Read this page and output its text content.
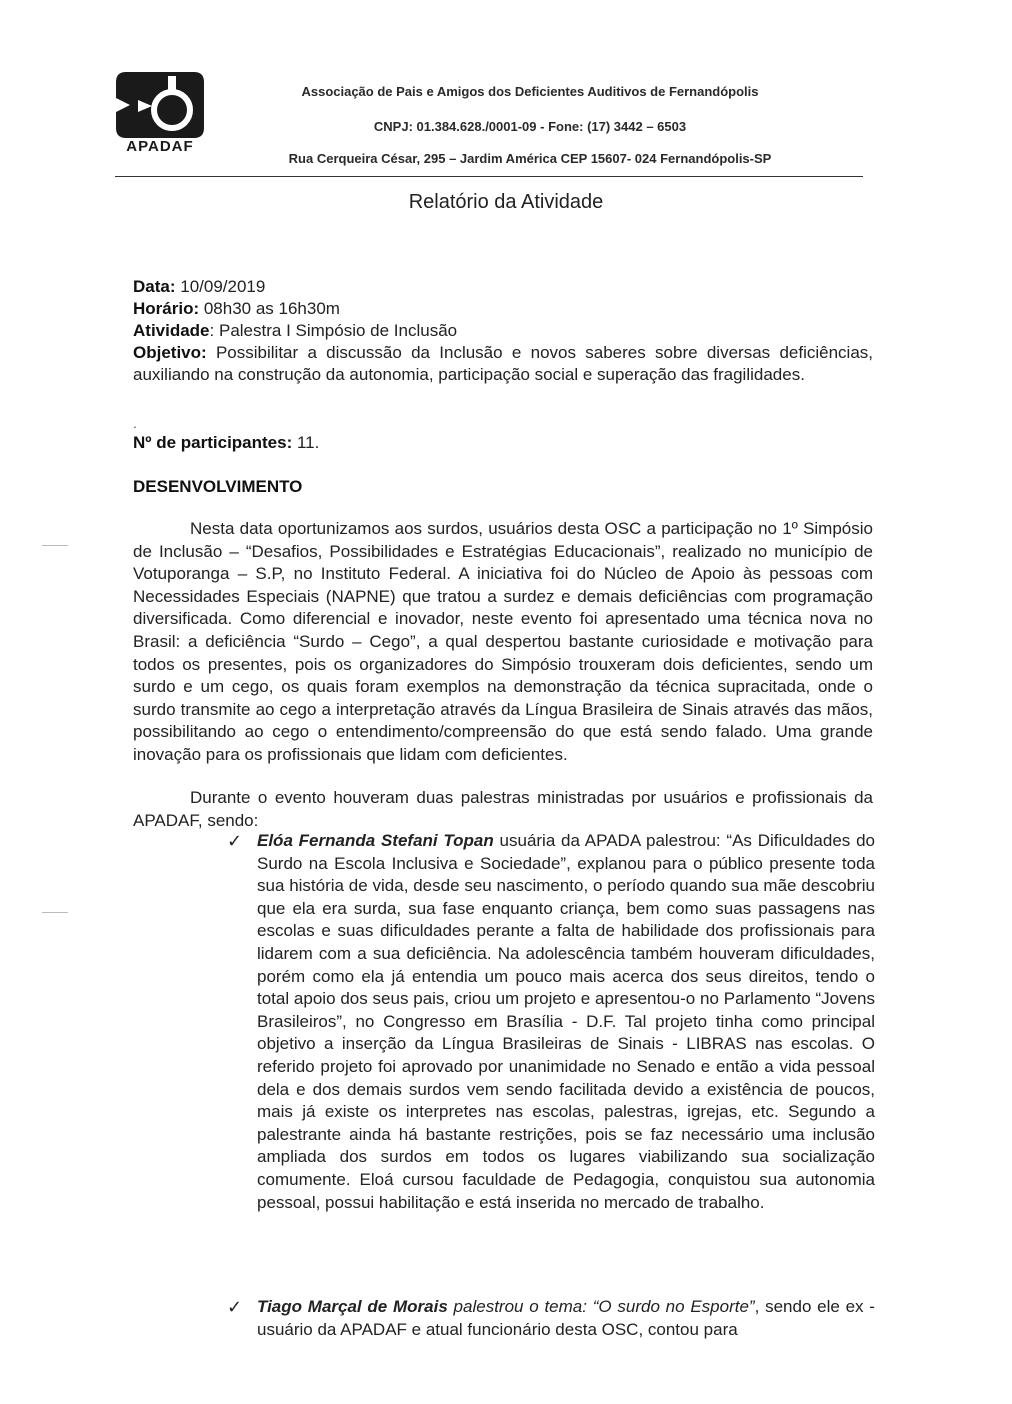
APADAF
Associação de Pais e Amigos dos Deficientes Auditivos de Fernandópolis
CNPJ: 01.384.628./0001-09 - Fone: (17) 3442 – 6503
Rua Cerqueira César, 295 – Jardim América CEP 15607- 024 Fernandópolis-SP
Relatório da Atividade
Data: 10/09/2019
Horário: 08h30 as 16h30m
Atividade: Palestra I Simpósio de Inclusão
Objetivo: Possibilitar a discussão da Inclusão e novos saberes sobre diversas deficiências, auxiliando na construção da autonomia, participação social e superação das fragilidades.
.
Nº de participantes: 11.
DESENVOLVIMENTO

Nesta data oportunizamos aos surdos, usuários desta OSC a participação no 1º Simpósio de Inclusão – “Desafios, Possibilidades e Estratégias Educacionais”, realizado no município de Votuporanga – S.P, no Instituto Federal. A iniciativa foi do Núcleo de Apoio às pessoas com Necessidades Especiais (NAPNE) que tratou a surdez e demais deficiências com programação diversificada. Como diferencial e inovador, neste evento foi apresentado uma técnica nova no Brasil: a deficiência “Surdo – Cego”, a qual despertou bastante curiosidade e motivação para todos os presentes, pois os organizadores do Simpósio trouxeram dois deficientes, sendo um surdo e um cego, os quais foram exemplos na demonstração da técnica supracitada, onde o surdo transmite ao cego a interpretação através da Língua Brasileira de Sinais através das mãos, possibilitando ao cego o entendimento/compreensão do que está sendo falado. Uma grande inovação para os profissionais que lidam com deficientes.

Durante o evento houveram duas palestras ministradas por usuários e profissionais da APADAF, sendo:

✓ Elóa Fernanda Stefani Topan usuária da APADA palestrou: “As Dificuldades do Surdo na Escola Inclusiva e Sociedade”, explanou para o público presente toda sua história de vida, desde seu nascimento, o período quando sua mãe descobriu que ela era surda, sua fase enquanto criança, bem como suas passagens nas escolas e suas dificuldades perante a falta de habilidade dos profissionais para lidarem com a sua deficiência. Na adolescência também houveram dificuldades, porém como ela já entendia um pouco mais acerca dos seus direitos, tendo o total apoio dos seus pais, criou um projeto e apresentou-o no Parlamento “Jovens Brasileiros”, no Congresso em Brasília - D.F. Tal projeto tinha como principal objetivo a inserção da Língua Brasileiras de Sinais - LIBRAS nas escolas. O referido projeto foi aprovado por unanimidade no Senado e então a vida pessoal dela e dos demais surdos vem sendo facilitada devido a existência de poucos, mais já existe os interpretes nas escolas, palestras, igrejas, etc. Segundo a palestrante ainda há bastante restrições, pois se faz necessário uma inclusão ampliada dos surdos em todos os lugares viabilizando sua socialização comumente. Eloá cursou faculdade de Pedagogia, conquistou sua autonomia pessoal, possui habilitação e está inserida no mercado de trabalho.
✓ Tiago Marçal de Morais palestrou o tema: “O surdo no Esporte”, sendo ele ex - usuário da APADAF e atual funcionário desta OSC, contou para
